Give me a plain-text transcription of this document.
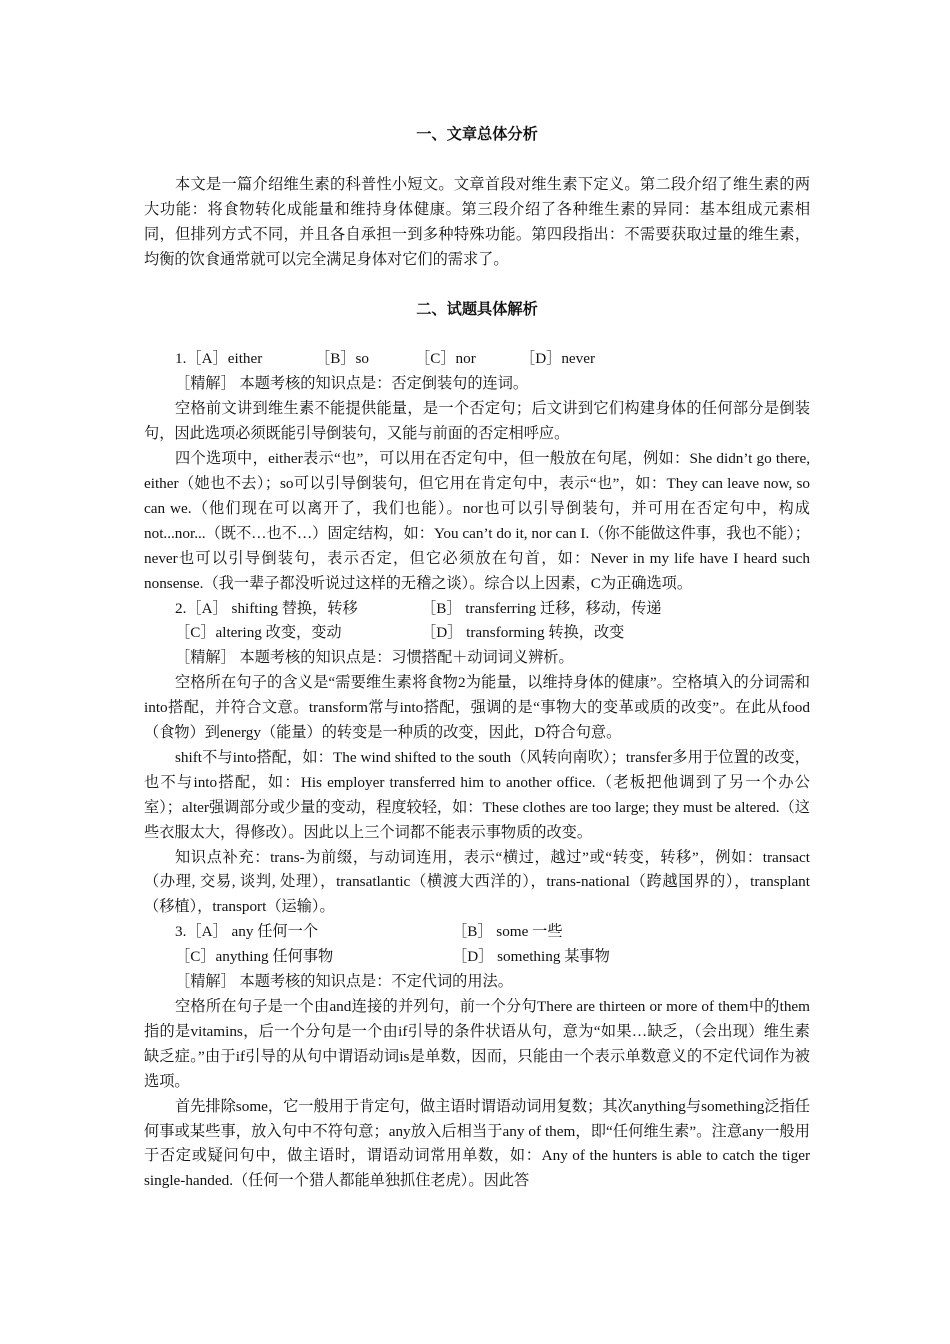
一、文章总体分析

本文是一篇介绍维生素的科普性小短文。文章首段对维生素下定义。第二段介绍了维生素的两大功能：将食物转化成能量和维持身体健康。第三段介绍了各种维生素的异同：基本组成元素相同，但排列方式不同，并且各自承担一到多种特殊功能。第四段指出：不需要获取过量的维生素，均衡的饮食通常就可以完全满足身体对它们的需求了。

二、试题具体解析

1.［A］either	［B］so	［C］nor	［D］never

［精解］ 本题考核的知识点是：否定倒装句的连词。

空格前文讲到维生素不能提供能量，是一个否定句；后文讲到它们构建身体的任何部分是倒装句，因此选项必须既能引导倒装句，又能与前面的否定相呼应。

四个选项中，either表示“也”，可以用在否定句中，但一般放在句尾，例如：She didn’t go there, either（她也不去）；so可以引导倒装句，但它用在肯定句中，表示“也”，如：They can leave now, so can we.（他们现在可以离开了，我们也能）。nor也可以引导倒装句，并可用在否定句中，构成not...nor...（既不…也不…）固定结构，如：You can’t do it, nor can I.（你不能做这件事，我也不能）；never也可以引导倒装句，表示否定，但它必须放在句首，如：Never in my life have I heard such nonsense.（我一辈子都没听说过这样的无稽之谈）。综合以上因素，C为正确选项。

2.［A］ shifting 替换，转移	［B］ transferring 迁移，移动，传递
［C］altering 改变，变动	［D］ transforming 转换，改变

［精解］ 本题考核的知识点是：习惯搭配＋动词词义辨析。

空格所在句子的含义是“需要维生素将食物2为能量，以维持身体的健康”。空格填入的分词需和into搭配，并符合文意。transform常与into搭配，强调的是“事物大的变革或质的改变”。在此从food（食物）到energy（能量）的转变是一种质的改变，因此，D符合句意。

shift不与into搭配，如：The wind shifted to the south（风转向南吹）；transfer多用于位置的改变，也不与into搭配，如：His employer transferred him to another office.（老板把他调到了另一个办公室）；alter强调部分或少量的变动，程度较轻，如：These clothes are too large; they must be altered.（这些衣服太大，得修改）。因此以上三个词都不能表示事物质的改变。

知识点补充：trans-为前缀，与动词连用，表示“横过，越过”或“转变，转移”，例如：transact（办理, 交易, 谈判, 处理），transatlantic（横渡大西洋的），trans-national（跨越国界的），transplant（移植），transport（运输）。

3.［A］ any 任何一个	［B］ some 一些
［C］anything 任何事物	［D］ something 某事物

［精解］ 本题考核的知识点是：不定代词的用法。

空格所在句子是一个由and连接的并列句，前一个分句There are thirteen or more of them中的them指的是vitamins，后一个分句是一个由if引导的条件状语从句，意为“如果…缺乏，（会出现）维生素缺乏症。”由于if引导的从句中谓语动词is是单数，因而，只能由一个表示单数意义的不定代词作为被选项。

首先排除some，它一般用于肯定句，做主语时谓语动词用复数；其次anything与something泛指任何事或某些事，放入句中不符句意；any放入后相当于any of them，即“任何维生素”。注意any一般用于否定或疑问句中，做主语时，谓语动词常用单数，如：Any of the hunters is able to catch the tiger single-handed.（任何一个猎人都能单独抓住老虎）。因此答
